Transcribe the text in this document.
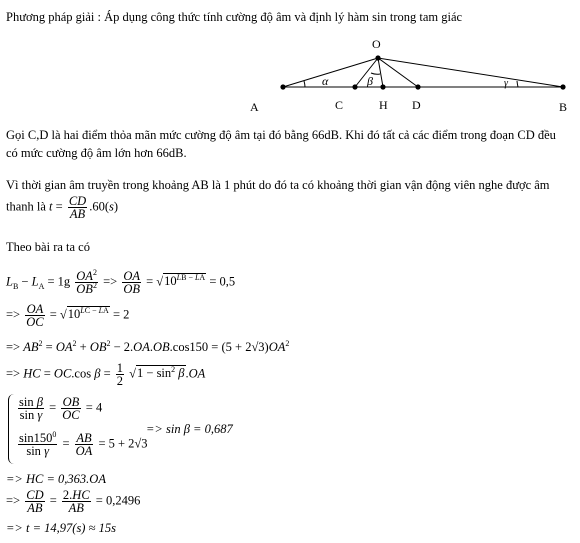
Phương pháp giải : Áp dụng công thức tính cường độ âm và định lý hàm sin trong tam giác
O
A	B
C	H D
α	β	γ
Gọi C,D là hai điểm thỏa mãn mức cường độ âm tại đó bằng 66dB. Khi đó tất cả các điểm trong đoạn CD đều
có mức cường độ âm lớn hơn 66dB.
Vì thời gian âm truyền trong khoảng AB là 1 phút do đó ta có khoảng thời gian vận động viên nghe được âm
thanh là $t = \frac{CD}{AB} .60(s)$
Theo bài ra ta có
$L_B - L_A = 1g \frac{OA^2}{OB^2} => \frac{OA}{OB} = √10^{LB - LA} = 0,5$
=> $\frac{OA}{OC} = √10^{LC - LA} = 2$
=> $AB^2 = OA^2 + OB^2 - 2.OA.OB.\cos 150 = (5 + 2√3)OA^2$
=> HC = OC.cos $\beta = \frac{1}{2} √1 - \sin^2 \beta.OA$
$\frac{\text{sin β}}{\text{sin γ}} = \frac{OB}{OC} = 4$
$\frac{\sin 150^0}{\text{sin γ}} = \frac{AB}{OA} = 5 + 2√3$
=> sin β = 0,687
=> HC = 0,363.OA
=> $\frac{CD}{AB} = \frac{2.HC}{AB} = 0,2496$
=> t = 14,97(s) ≈ 15s
